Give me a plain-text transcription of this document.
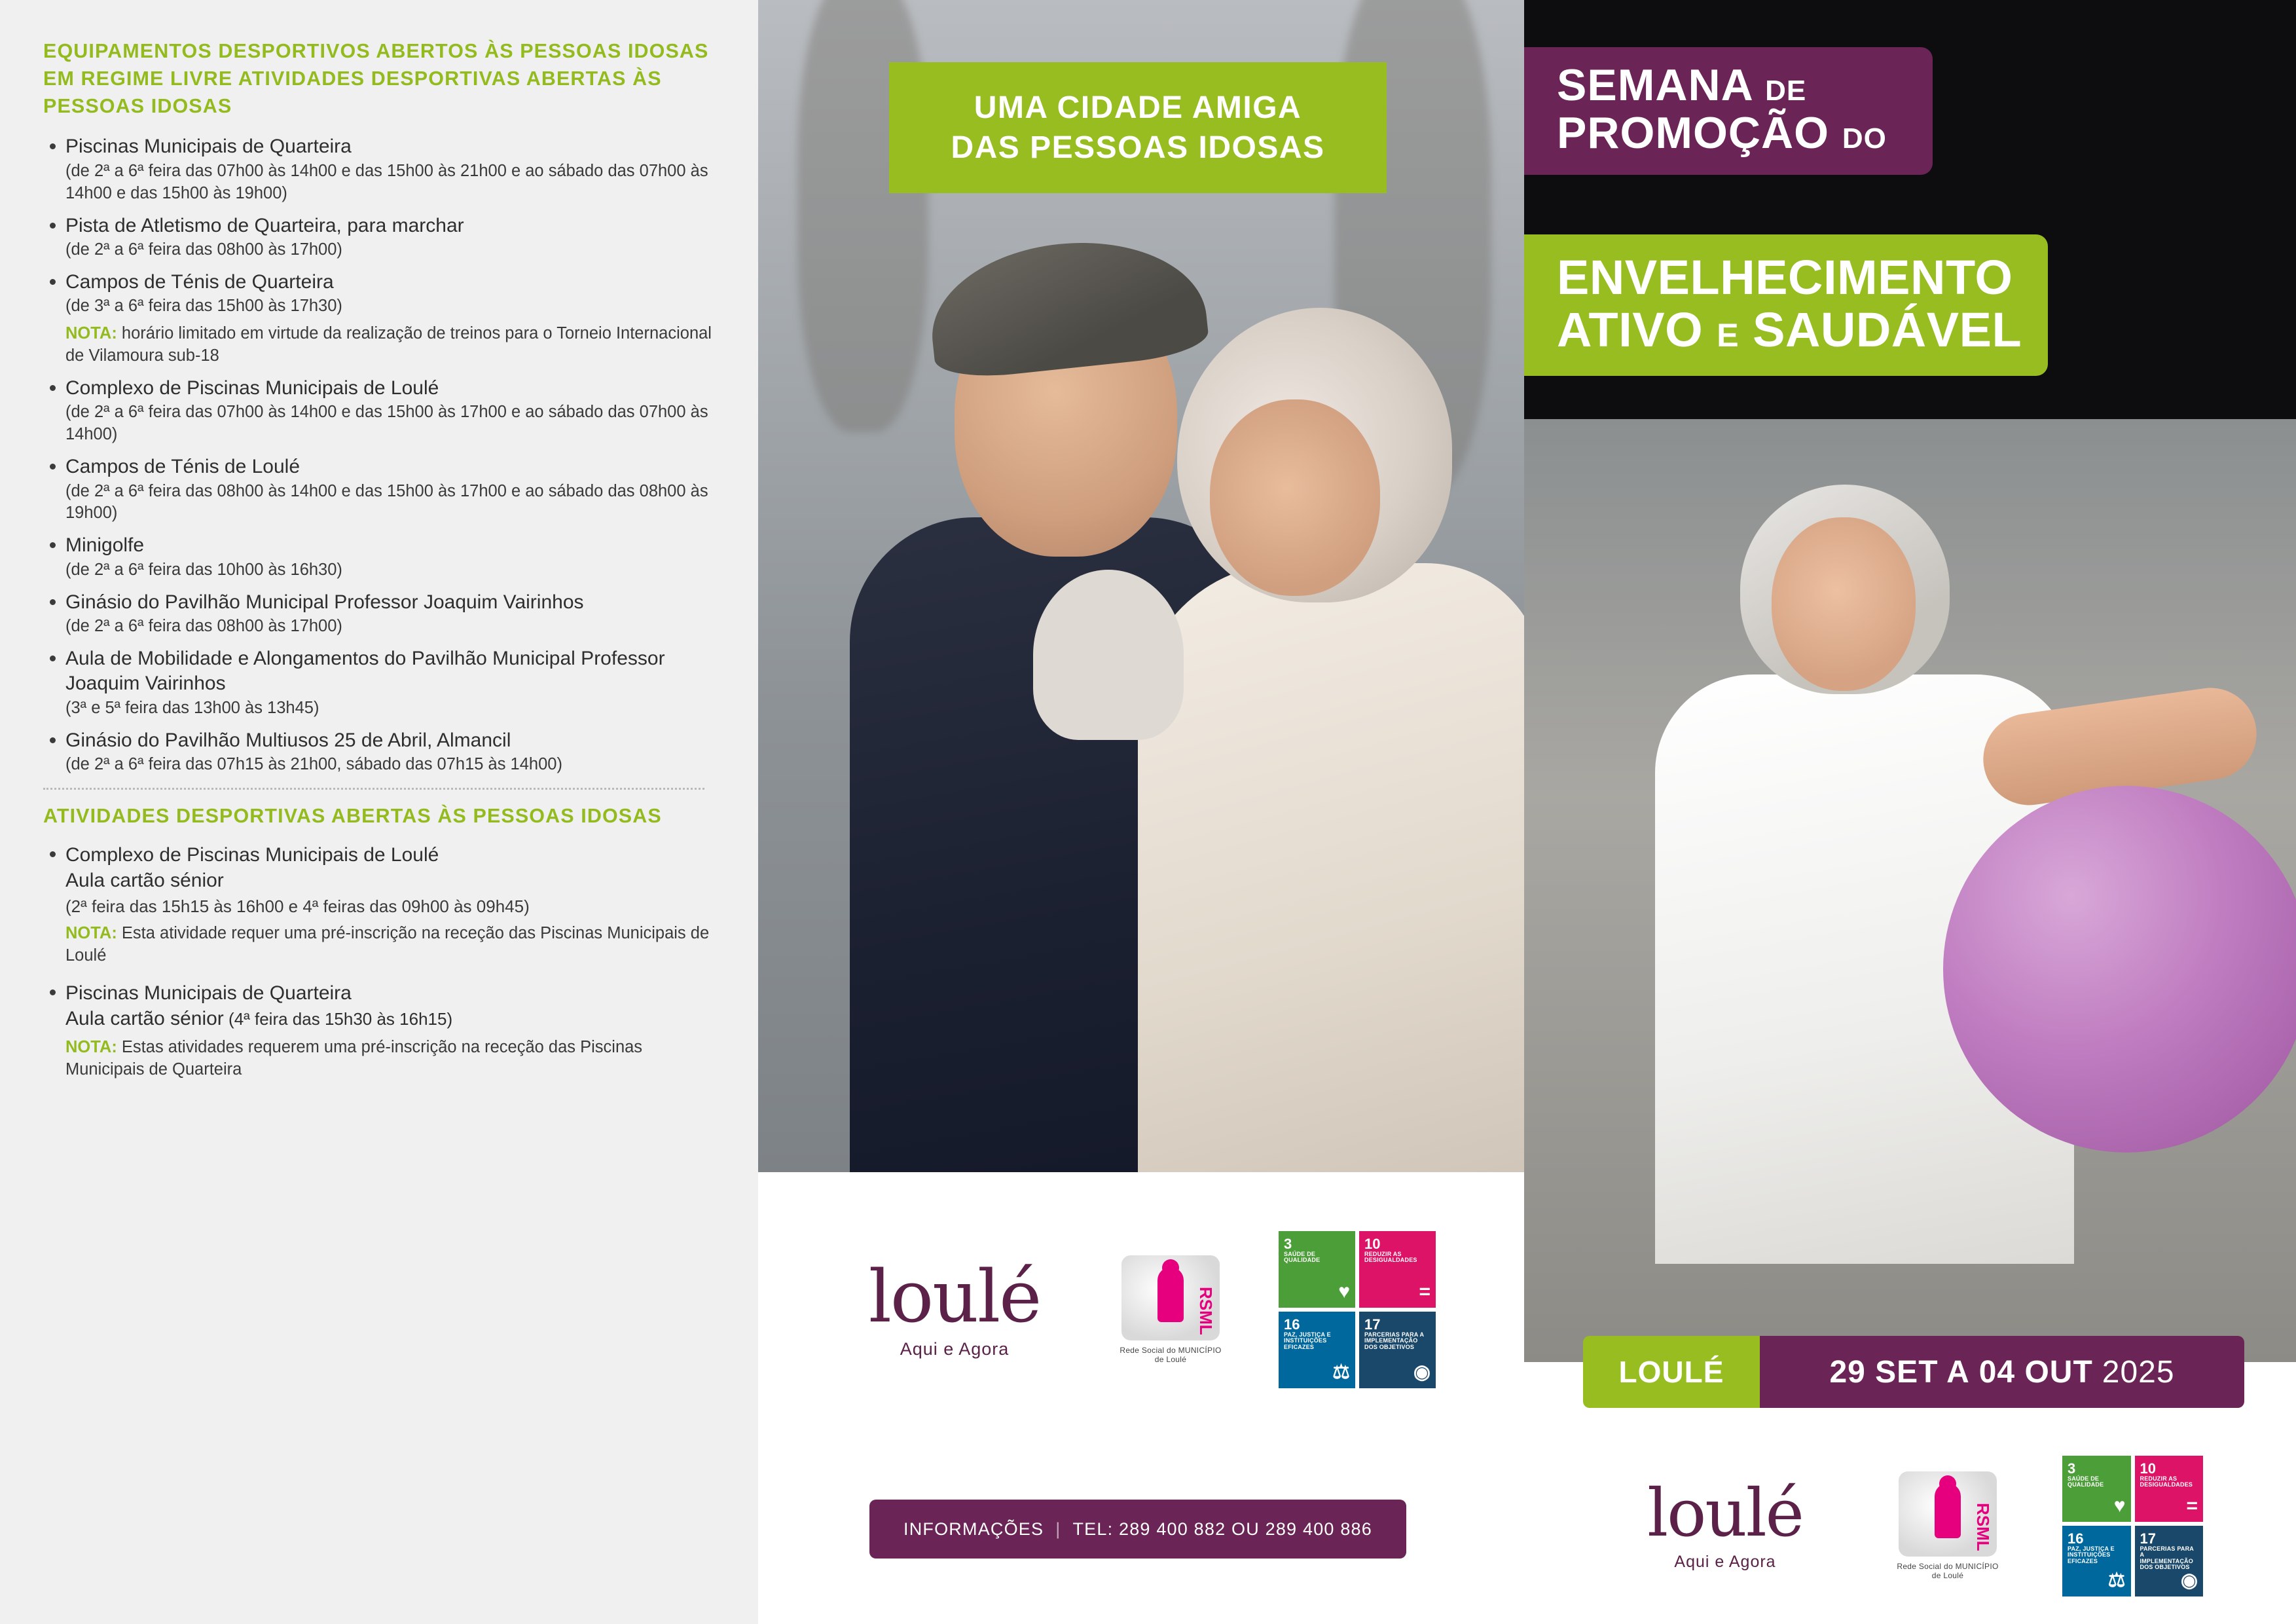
EQUIPAMENTOS DESPORTIVOS ABERTOS ÀS PESSOAS IDOSAS EM REGIME LIVRE ATIVIDADES DESPORTIVAS ABERTAS ÀS PESSOAS IDOSAS
Piscinas Municipais de Quarteira
(de 2ª a 6ª feira das 07h00 às 14h00 e das 15h00 às 21h00 e ao sábado das 07h00 às 14h00 e das 15h00 às 19h00)
Pista de Atletismo de Quarteira, para marchar
(de 2ª a 6ª feira das 08h00 às 17h00)
Campos de Ténis de Quarteira
(de 3ª a 6ª feira das 15h00 às 17h30)
NOTA: horário limitado em virtude da realização de treinos para o Torneio Internacional de Vilamoura sub-18
Complexo de Piscinas Municipais de Loulé
(de 2ª a 6ª feira das 07h00 às 14h00 e das 15h00 às 17h00 e ao sábado das 07h00 às 14h00)
Campos de Ténis de Loulé
(de 2ª a 6ª feira das 08h00 às 14h00 e das 15h00 às 17h00 e ao sábado das 08h00 às 19h00)
Minigolfe
(de 2ª a 6ª feira das 10h00 às 16h30)
Ginásio do Pavilhão Municipal Professor Joaquim Vairinhos
(de 2ª a 6ª feira das 08h00 às 17h00)
Aula de Mobilidade e Alongamentos do Pavilhão Municipal Professor Joaquim Vairinhos
(3ª e 5ª feira das 13h00 às 13h45)
Ginásio do Pavilhão Multiusos 25 de Abril, Almancil
(de 2ª a 6ª feira das 07h15 às 21h00, sábado das 07h15 às 14h00)
ATIVIDADES DESPORTIVAS ABERTAS ÀS PESSOAS IDOSAS
Complexo de Piscinas Municipais de Loulé
Aula cartão sénior
(2ª feira das 15h15 às 16h00 e 4ª feiras das 09h00 às 09h45)
NOTA: Esta atividade requer uma pré-inscrição na receção das Piscinas Municipais de Loulé
Piscinas Municipais de Quarteira
Aula cartão sénior (4ª feira das 15h30 às 16h15)
NOTA: Estas atividades requerem uma pré-inscrição na receção das Piscinas Municipais de Quarteira
UMA CIDADE AMIGA
DAS PESSOAS IDOSAS
loulé
Aqui e Agora
RSML
Rede Social do MUNICÍPIO de Loulé
3
SAÚDE DE QUALIDADE
♥
10
REDUZIR AS DESIGUALDADES
=
16
PAZ, JUSTIÇA E INSTITUIÇÕES EFICAZES
⚖
17
PARCERIAS PARA A IMPLEMENTAÇÃO DOS OBJETIVOS
◉
INFORMAÇÕES | TEL: 289 400 882 OU 289 400 886
SEMANA DE
PROMOÇÃO DO
ENVELHECIMENTO
ATIVO E SAUDÁVEL
LOULÉ	29 SET A 04 OUT 2025
loulé
Aqui e Agora
RSML
Rede Social do MUNICÍPIO de Loulé
3
SAÚDE DE QUALIDADE
♥
10
REDUZIR AS DESIGUALDADES
=
16
PAZ, JUSTIÇA E INSTITUIÇÕES EFICAZES
⚖
17
PARCERIAS PARA A IMPLEMENTAÇÃO DOS OBJETIVOS
◉
